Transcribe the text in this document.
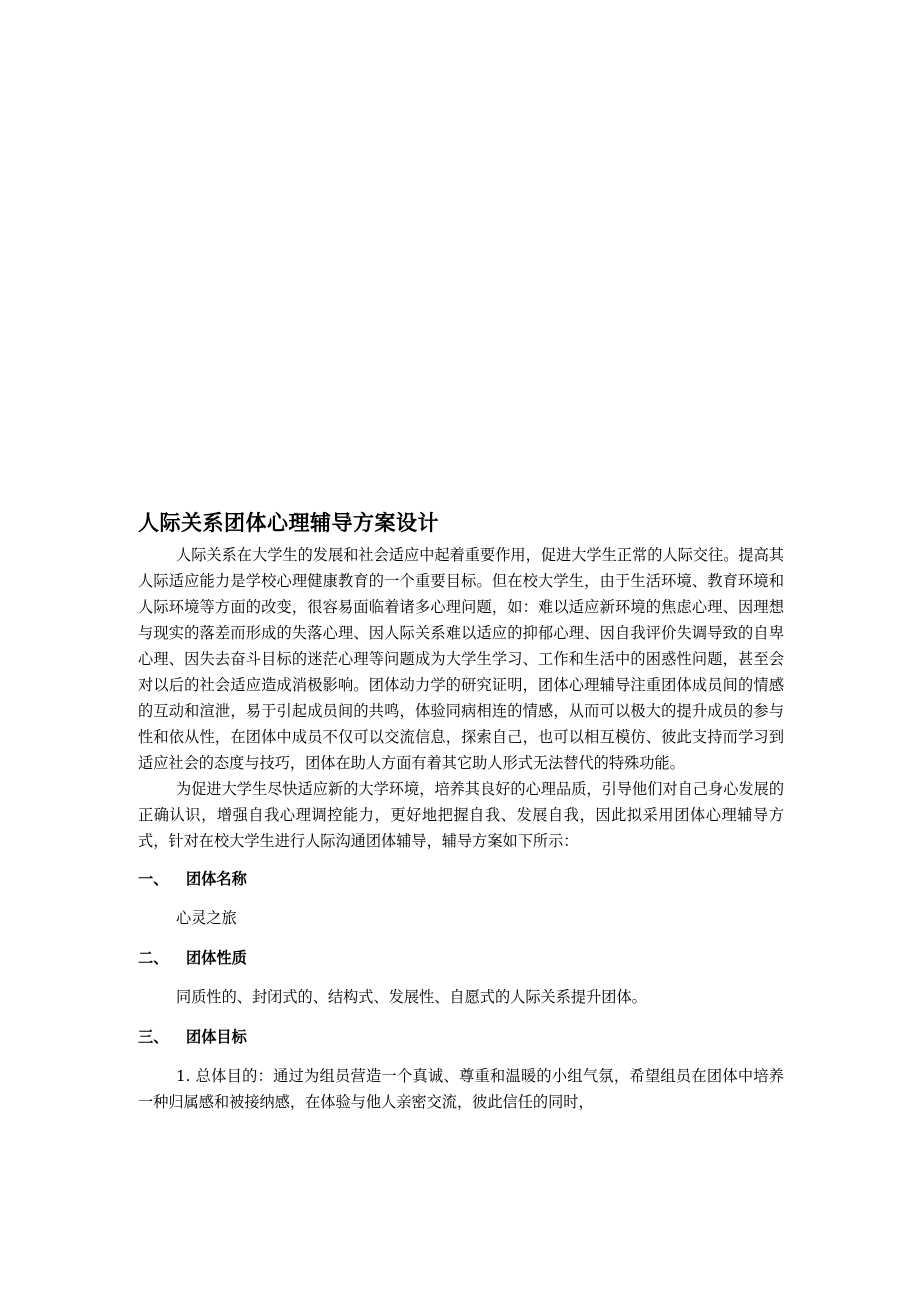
人际关系团体心理辅导方案设计

人际关系在大学生的发展和社会适应中起着重要作用，促进大学生正常的人际交往。提高其人际适应能力是学校心理健康教育的一个重要目标。但在校大学生，由于生活环境、教育环境和人际环境等方面的改变，很容易面临着诸多心理问题，如：难以适应新环境的焦虑心理、因理想与现实的落差而形成的失落心理、因人际关系难以适应的抑郁心理、因自我评价失调导致的自卑心理、因失去奋斗目标的迷茫心理等问题成为大学生学习、工作和生活中的困惑性问题，甚至会对以后的社会适应造成消极影响。团体动力学的研究证明，团体心理辅导注重团体成员间的情感的互动和渲泄，易于引起成员间的共鸣，体验同病相连的情感，从而可以极大的提升成员的参与性和依从性，在团体中成员不仅可以交流信息，探索自己，也可以相互模仿、彼此支持而学习到适应社会的态度与技巧，团体在助人方面有着其它助人形式无法替代的特殊功能。

为促进大学生尽快适应新的大学环境，培养其良好的心理品质，引导他们对自己身心发展的正确认识，增强自我心理调控能力，更好地把握自我、发展自我，因此拟采用团体心理辅导方式，针对在校大学生进行人际沟通团体辅导，辅导方案如下所示：

一、	团体名称

心灵之旅

二、	团体性质

同质性的、封闭式的、结构式、发展性、自愿式的人际关系提升团体。

三、	团体目标

1. 总体目的：通过为组员营造一个真诚、尊重和温暖的小组气氛，希望组员在团体中培养一种归属感和被接纳感，在体验与他人亲密交流，彼此信任的同时，
